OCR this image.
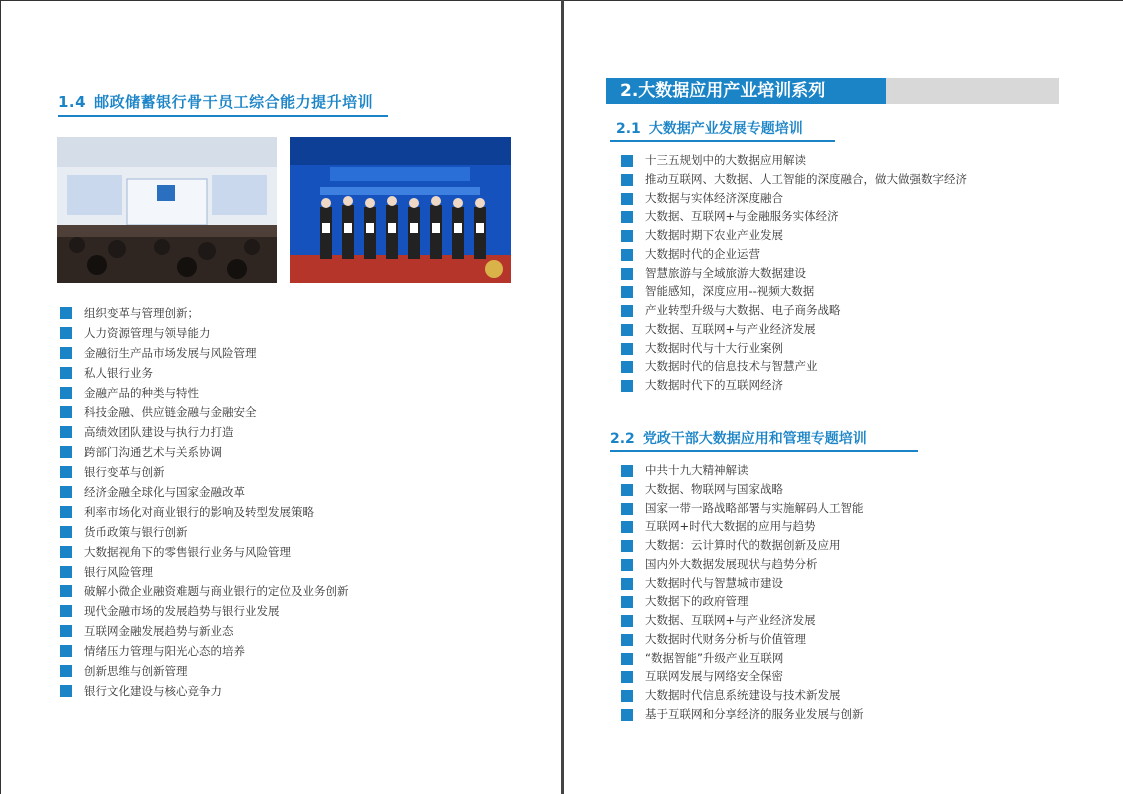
1.4 邮政储蓄银行骨干员工综合能力提升培训
组织变革与管理创新；
人力资源管理与领导能力
金融衍生产品市场发展与风险管理
私人银行业务
金融产品的种类与特性
科技金融、供应链金融与金融安全
高绩效团队建设与执行力打造
跨部门沟通艺术与关系协调
银行变革与创新
经济金融全球化与国家金融改革
利率市场化对商业银行的影响及转型发展策略
货币政策与银行创新
大数据视角下的零售银行业务与风险管理
银行风险管理
破解小微企业融资难题与商业银行的定位及业务创新
现代金融市场的发展趋势与银行业发展
互联网金融发展趋势与新业态
情绪压力管理与阳光心态的培养
创新思维与创新管理
银行文化建设与核心竞争力
2.大数据应用产业培训系列
2.1 大数据产业发展专题培训
十三五规划中的大数据应用解读
推动互联网、大数据、人工智能的深度融合，做大做强数字经济
大数据与实体经济深度融合
大数据、互联网+与金融服务实体经济
大数据时期下农业产业发展
大数据时代的企业运营
智慧旅游与全域旅游大数据建设
智能感知，深度应用--视频大数据
产业转型升级与大数据、电子商务战略
大数据、互联网+与产业经济发展
大数据时代与十大行业案例
大数据时代的信息技术与智慧产业
大数据时代下的互联网经济
2.2 党政干部大数据应用和管理专题培训
中共十九大精神解读
大数据、物联网与国家战略
国家一带一路战略部署与实施解码人工智能
互联网+时代大数据的应用与趋势
大数据：云计算时代的数据创新及应用
国内外大数据发展现状与趋势分析
大数据时代与智慧城市建设
大数据下的政府管理
大数据、互联网+与产业经济发展
大数据时代财务分析与价值管理
“数据智能”升级产业互联网
互联网发展与网络安全保密
大数据时代信息系统建设与技术新发展
基于互联网和分享经济的服务业发展与创新
